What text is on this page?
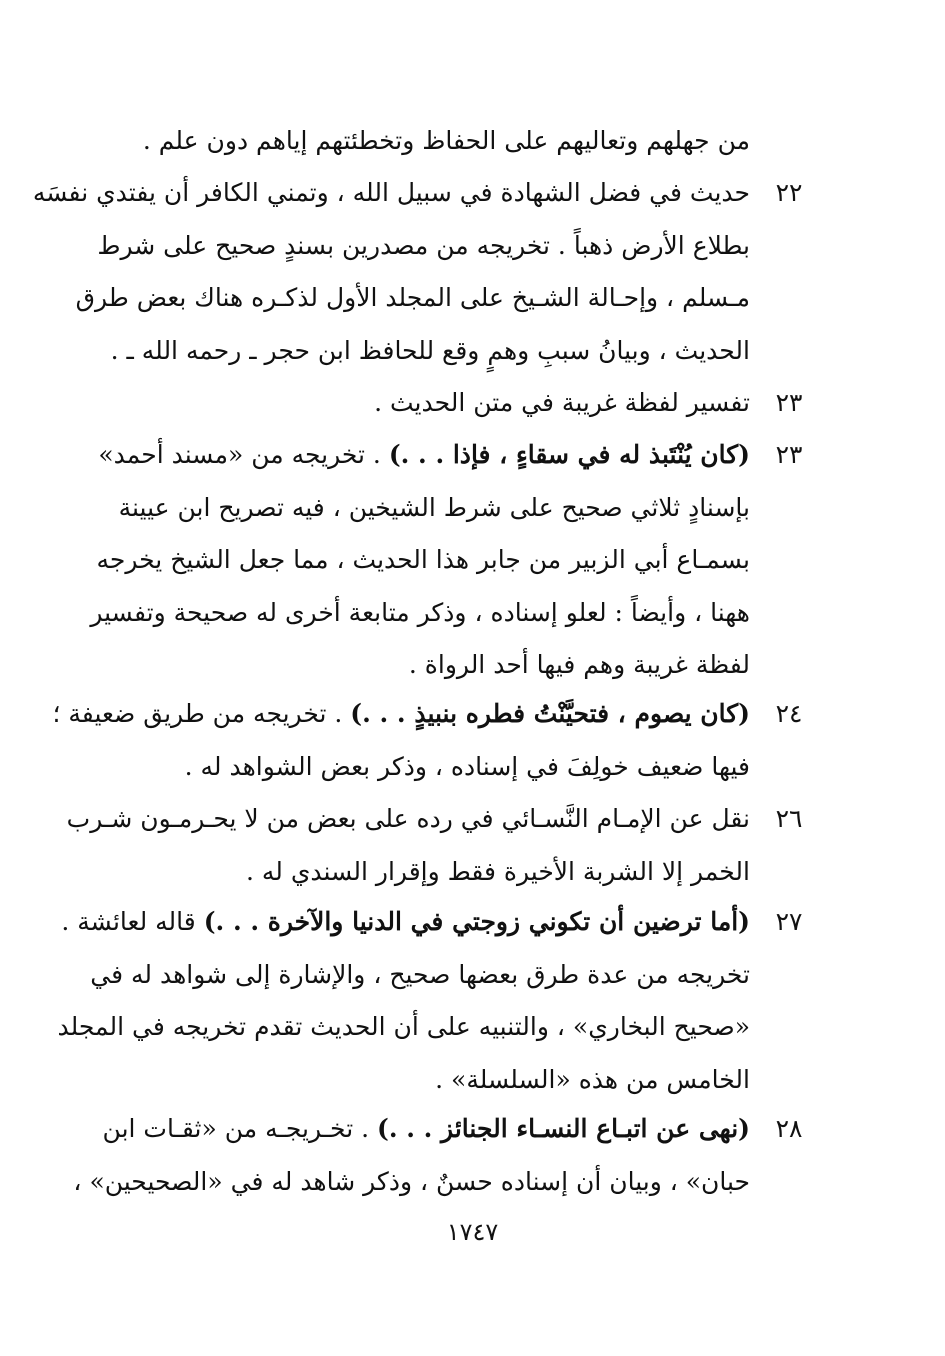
من جهلهم وتعاليهم على الحفاظ وتخطئتهم إياهم دون علم .
٢٢
حديث في فضل الشهادة في سبيل الله ، وتمني الكافر أن يفتدي نفسَه
بطلاع الأرض ذهباً . تخريجه من مصدرين بسندٍ صحيح على شرط
مـسلم ، وإحـالة الشـيخ على المجلد الأول لذكـره هناك بعض طرق
الحديث ، وبيانُ سببِ وهمٍ وقع للحافظ ابن حجر ـ رحمه الله ـ .
٢٣
تفسير لفظة غريبة في متن الحديث .
٢٣
(كان يُنْتَبذ له في سقاءٍ ، فإذا . . .) . تخريجه من «مسند أحمد»
بإسنادٍ ثلاثي صحيح على شرط الشيخين ، فيه تصريح ابن عيينة
بسمـاع أبي الزبير من جابر هذا الحديث ، مما جعل الشيخ يخرجه
ههنا ، وأيضاً : لعلو إسناده ، وذكر متابعة أخرى له صحيحة وتفسير
لفظة غريبة وهم فيها أحد الرواة .
٢٤
(كان يصوم ، فتحيَّنْتُ فطره بنبيذٍ . . .) . تخريجه من طريق ضعيفة ؛
فيها ضعيف خولِفَ في إسناده ، وذكر بعض الشواهد له .
٢٦
نقل عن الإمـام النَّسـائي في رده على بعض من لا يحـرمـون شـرب
الخمر إلا الشربة الأخيرة فقط وإقرار السندي له .
٢٧
(أما ترضين أن تكوني زوجتي في الدنيا والآخرة . . .) قاله لعائشة .
تخريجه من عدة طرق بعضها صحيح ، والإشارة إلى شواهد له في
«صحيح البخاري» ، والتنبيه على أن الحديث تقدم تخريجه في المجلد
الخامس من هذه «السلسلة» .
٢٨
(نهى عن اتبـاع النسـاء الجنائز . . .) . تخـريجـه من «ثقـات ابن
حبان» ، وبيان أن إسناده حسنٌ ، وذكر شاهد له في «الصحيحين» ،
١٧٤٧
